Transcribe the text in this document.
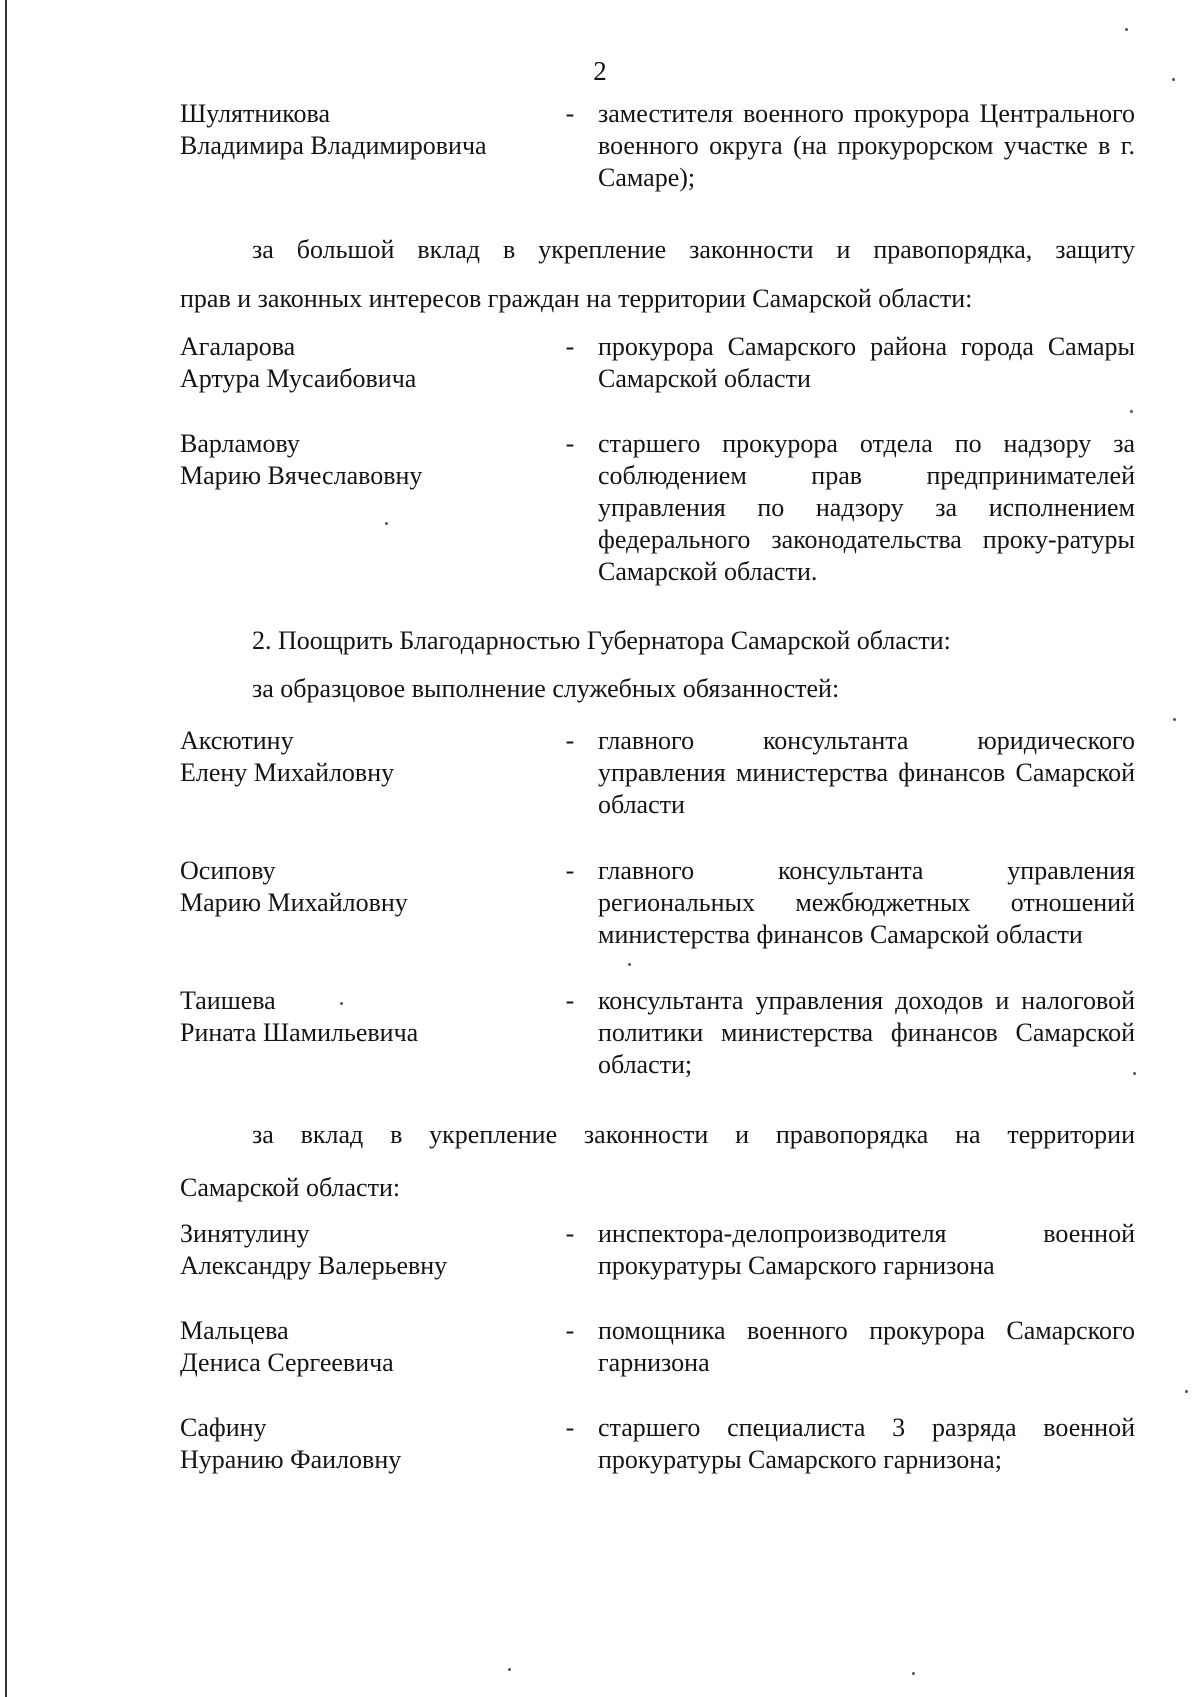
2
Шулятникова
Владимира Владимировича
- заместителя военного прокурора Центрального военного округа (на прокурорском участке в г. Самаре);
за большой вклад в укрепление законности и правопорядка, защиту
прав и законных интересов граждан на территории Самарской области:
Агаларова
Артура Мусаибовича
- прокурора Самарского района города Самары Самарской области
Варламову
Марию Вячеславовну
- старшего прокурора отдела по надзору за соблюдением прав предпринимателей управления по надзору за исполнением федерального законодательства проку-ратуры Самарской области.
2. Поощрить Благодарностью Губернатора Самарской области:
за образцовое выполнение служебных обязанностей:
Аксютину
Елену Михайловну
- главного консультанта юридического управления министерства финансов Самарской области
Осипову
Марию Михайловну
- главного консультанта управления региональных межбюджетных отношений министерства финансов Самарской области
Таишева
Рината Шамильевича
- консультанта управления доходов и налоговой политики министерства финансов Самарской области;
за вклад в укрепление законности и правопорядка на территории
Самарской области:
Зинятулину
Александру Валерьевну
- инспектора-делопроизводителя военной прокуратуры Самарского гарнизона
Мальцева
Дениса Сергеевича
- помощника военного прокурора Самарского гарнизона
Сафину
Нуранию Фаиловну
- старшего специалиста 3 разряда военной прокуратуры Самарского гарнизона;
